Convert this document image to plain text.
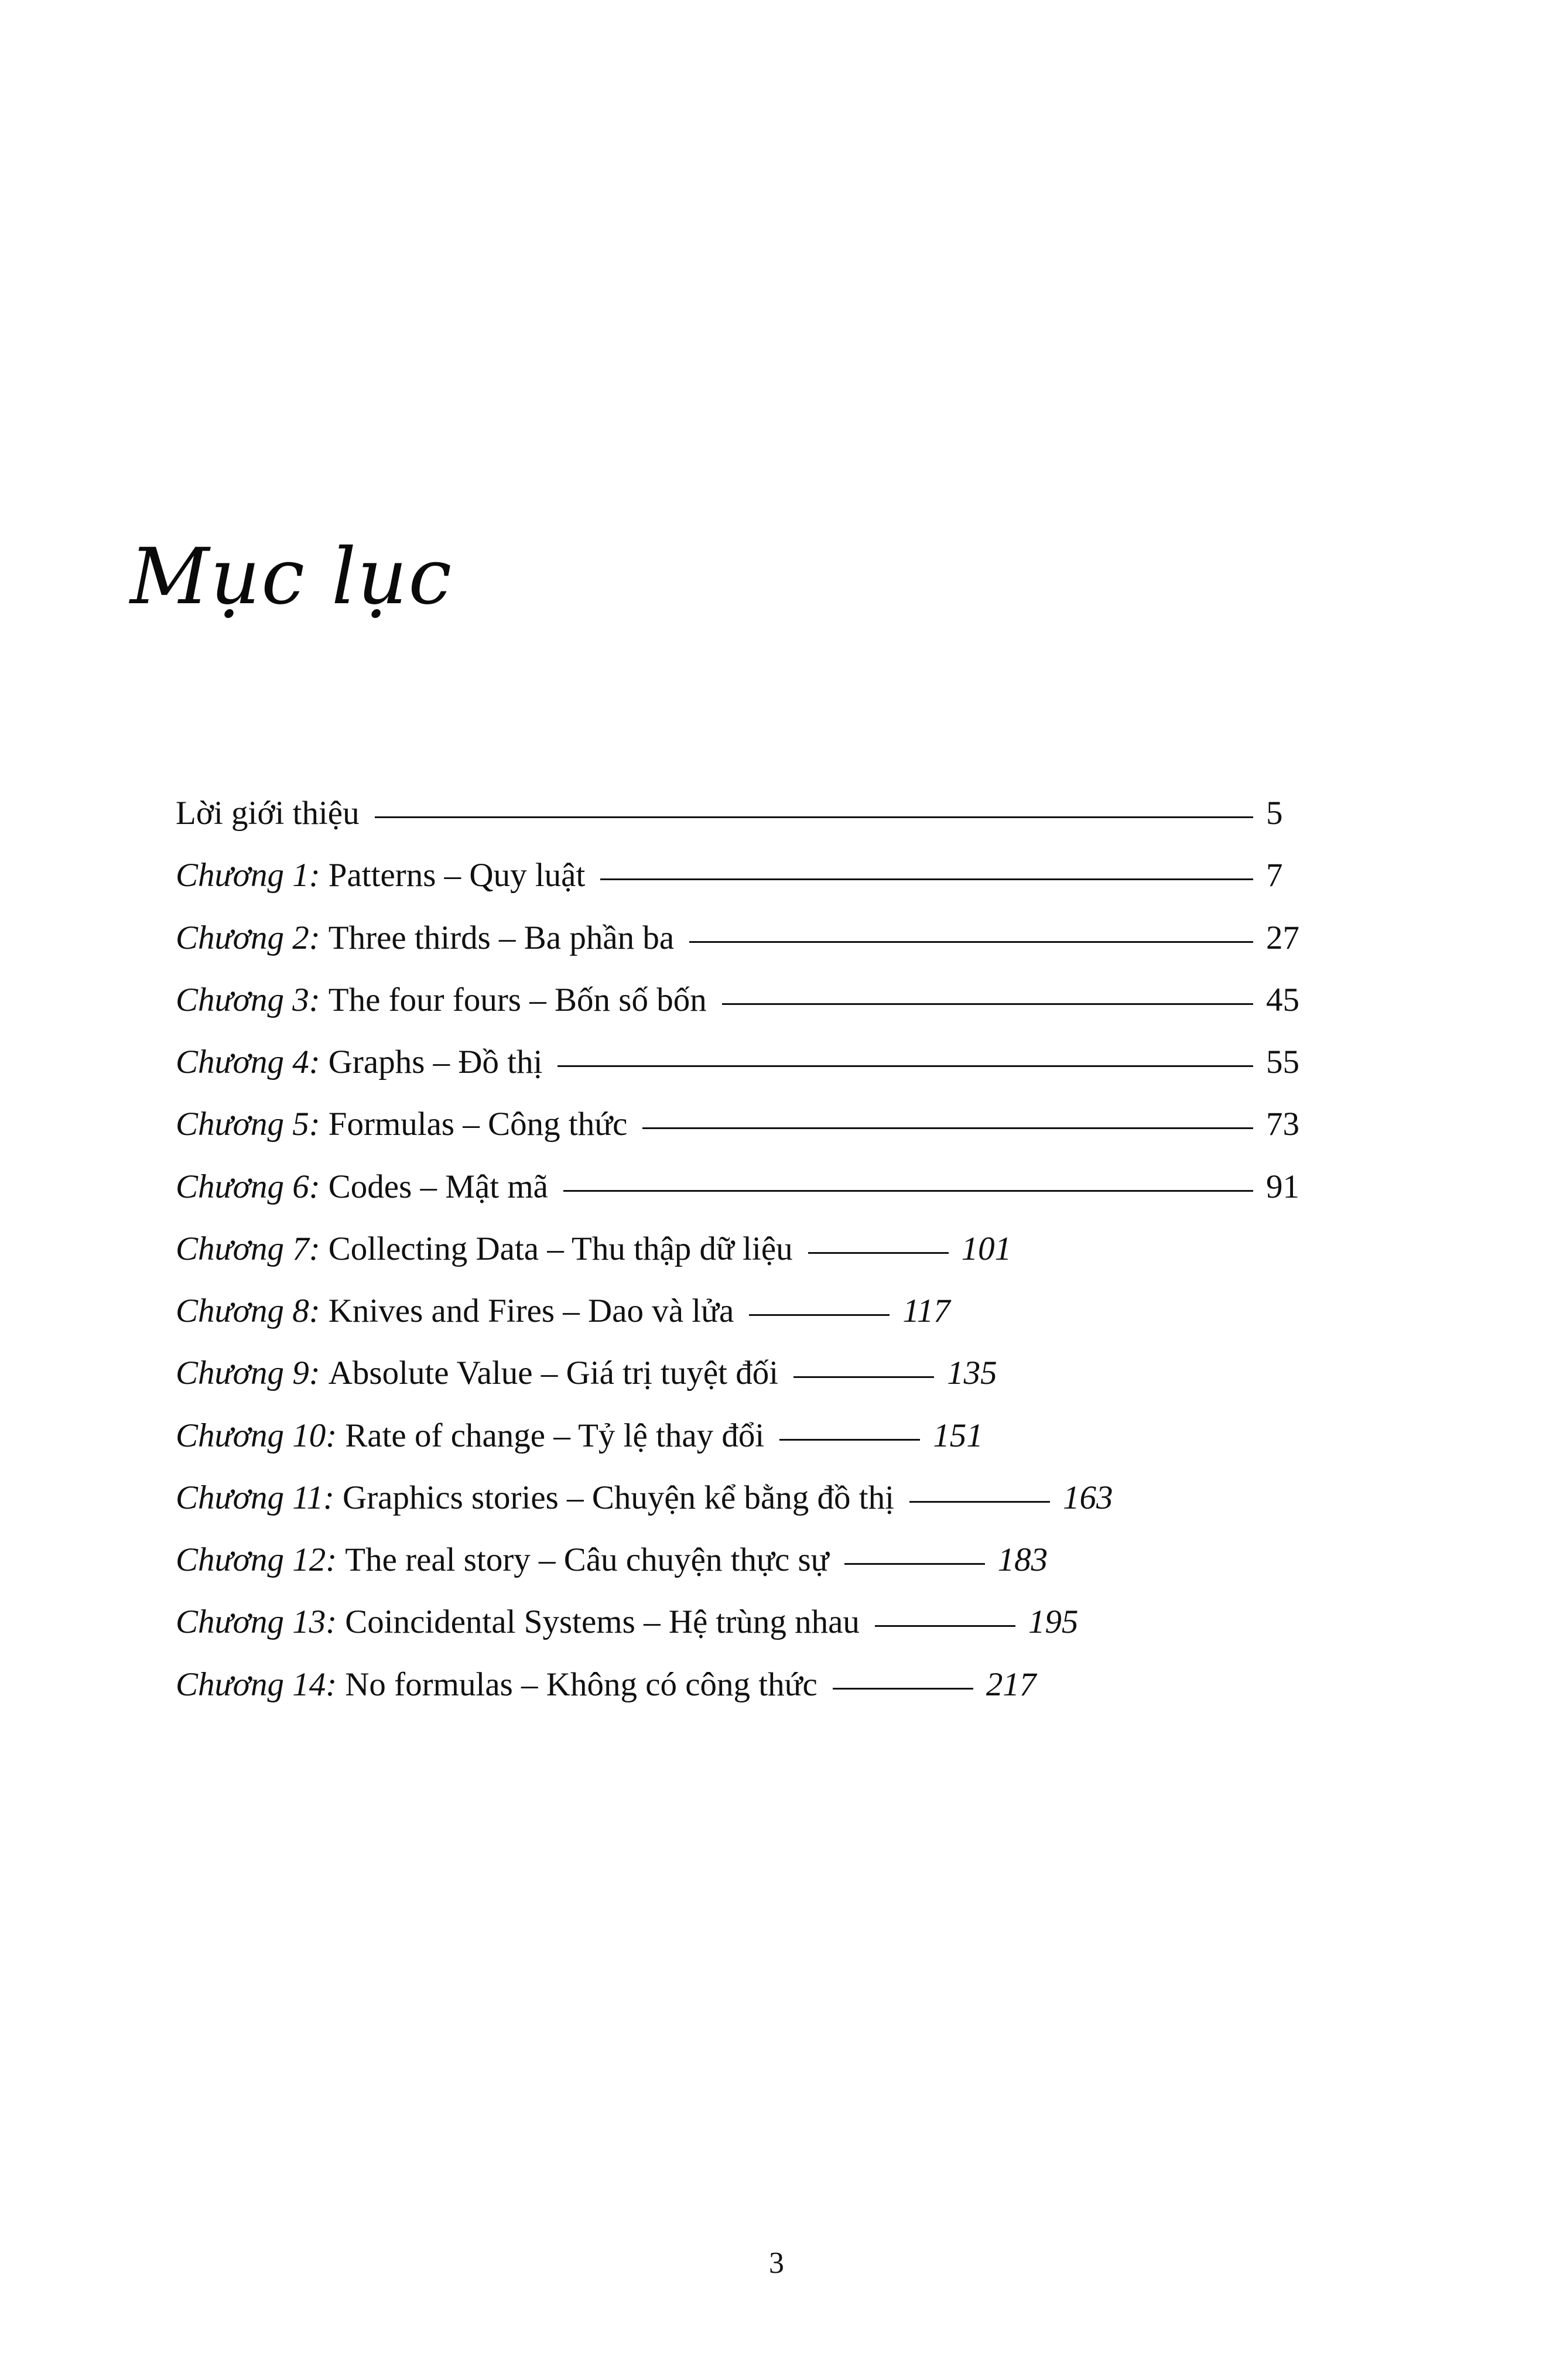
Mục lục
Lời giới thiệu	5
Chương 1: Patterns – Quy luật	7
Chương 2: Three thirds – Ba phần ba	27
Chương 3: The four fours – Bốn số bốn	45
Chương 4: Graphs – Đồ thị	55
Chương 5: Formulas – Công thức	73
Chương 6: Codes – Mật mã	91
Chương 7: Collecting Data – Thu thập dữ liệu	101
Chương 8: Knives and Fires – Dao và lửa	117
Chương 9: Absolute Value – Giá trị tuyệt đối	135
Chương 10: Rate of change – Tỷ lệ thay đổi	151
Chương 11: Graphics stories – Chuyện kể bằng đồ thị	163
Chương 12: The real story – Câu chuyện thực sự	183
Chương 13: Coincidental Systems – Hệ trùng nhau	195
Chương 14: No formulas – Không có công thức	217
3
